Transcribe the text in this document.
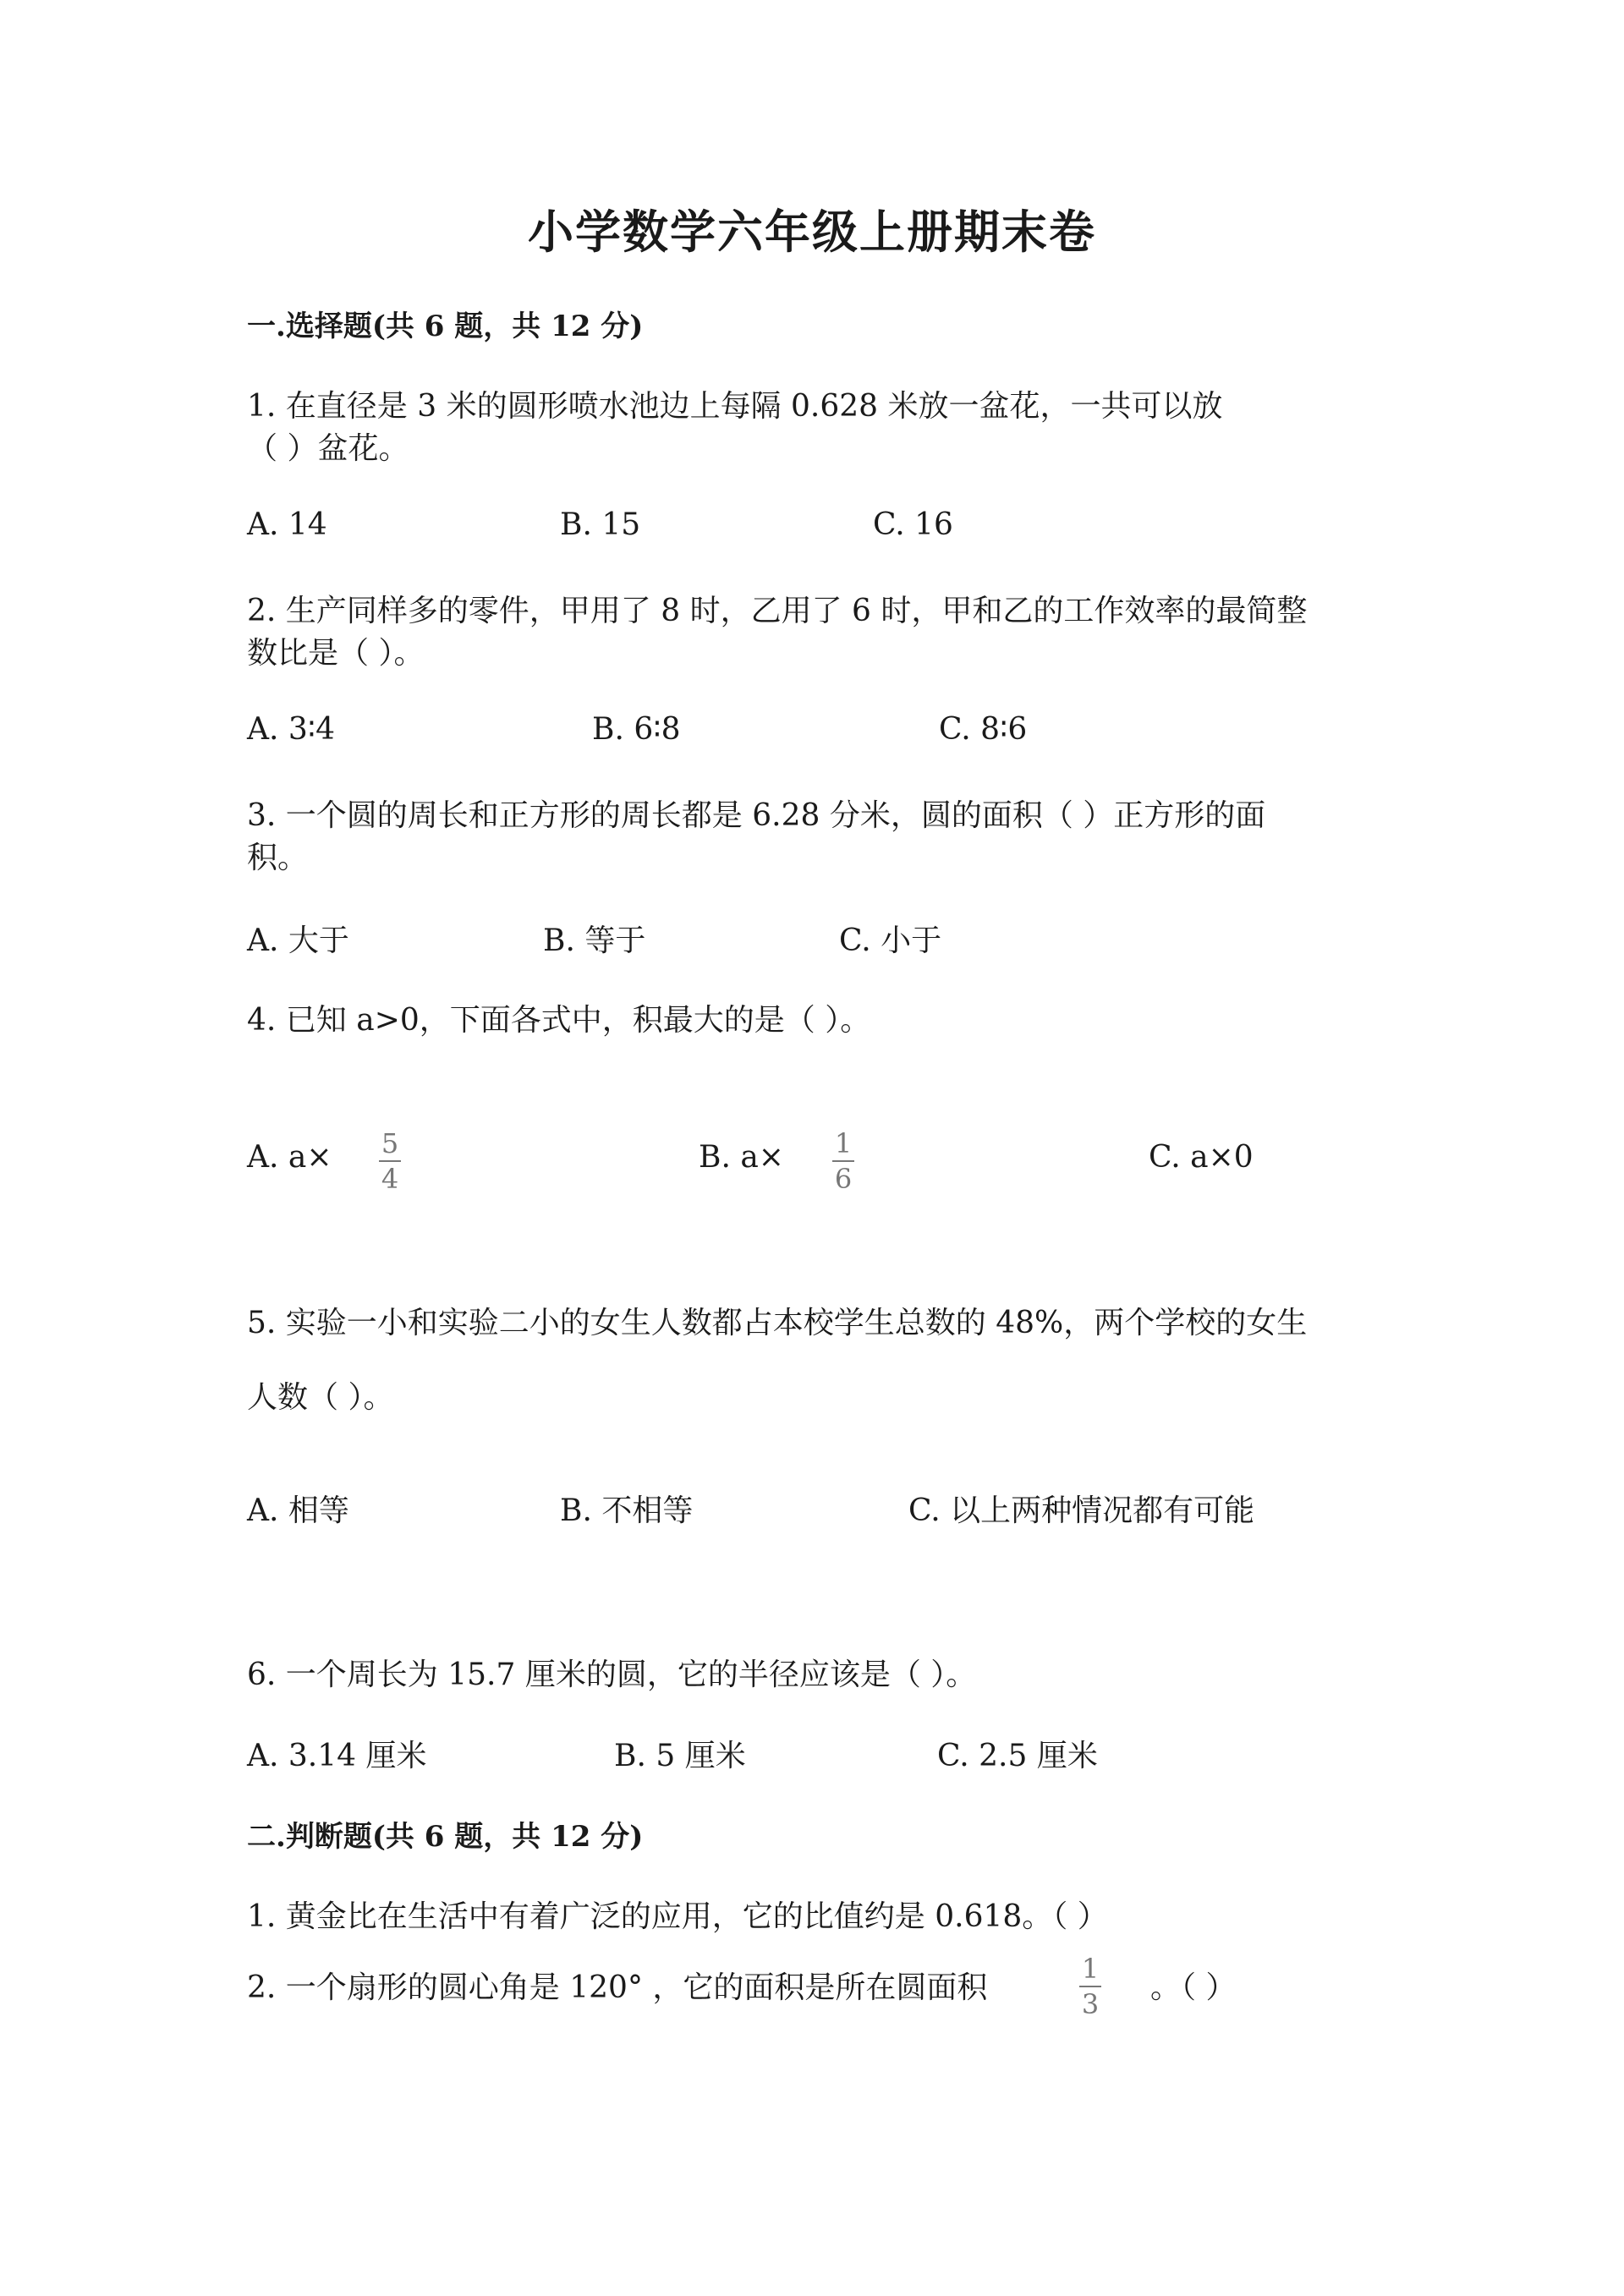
小学数学六年级上册期末卷
一.选择题(共 6 题，共 12 分)
1. 在直径是 3 米的圆形喷水池边上每隔 0.628 米放一盆花，一共可以放
（ ）盆花。
A. 14	B. 15	C. 16
2. 生产同样多的零件，甲用了 8 时，乙用了 6 时，甲和乙的工作效率的最简整
数比是（ ）。
A. 3∶4	B. 6∶8	C. 8∶6
3. 一个圆的周长和正方形的周长都是 6.28 分米，圆的面积（ ）正方形的面
积。
A. 大于	B. 等于	C. 小于
4. 已知 a>0，下面各式中，积最大的是（ ）。
A. a× 5
4
B. a× 1
6
C. a×0
5. 实验一小和实验二小的女生人数都占本校学生总数的 48%，两个学校的女生
人数（ ）。
A. 相等	B. 不相等	C. 以上两种情况都有可能
6. 一个周长为 15.7 厘米的圆，它的半径应该是（ ）。
A. 3.14 厘米	B. 5 厘米	C. 2.5 厘米
二.判断题(共 6 题，共 12 分)
1. 黄金比在生活中有着广泛的应用，它的比值约是 0.618。（ ）
2. 一个扇形的圆心角是 120° ，它的面积是所在圆面积
1
3 。（ ）
